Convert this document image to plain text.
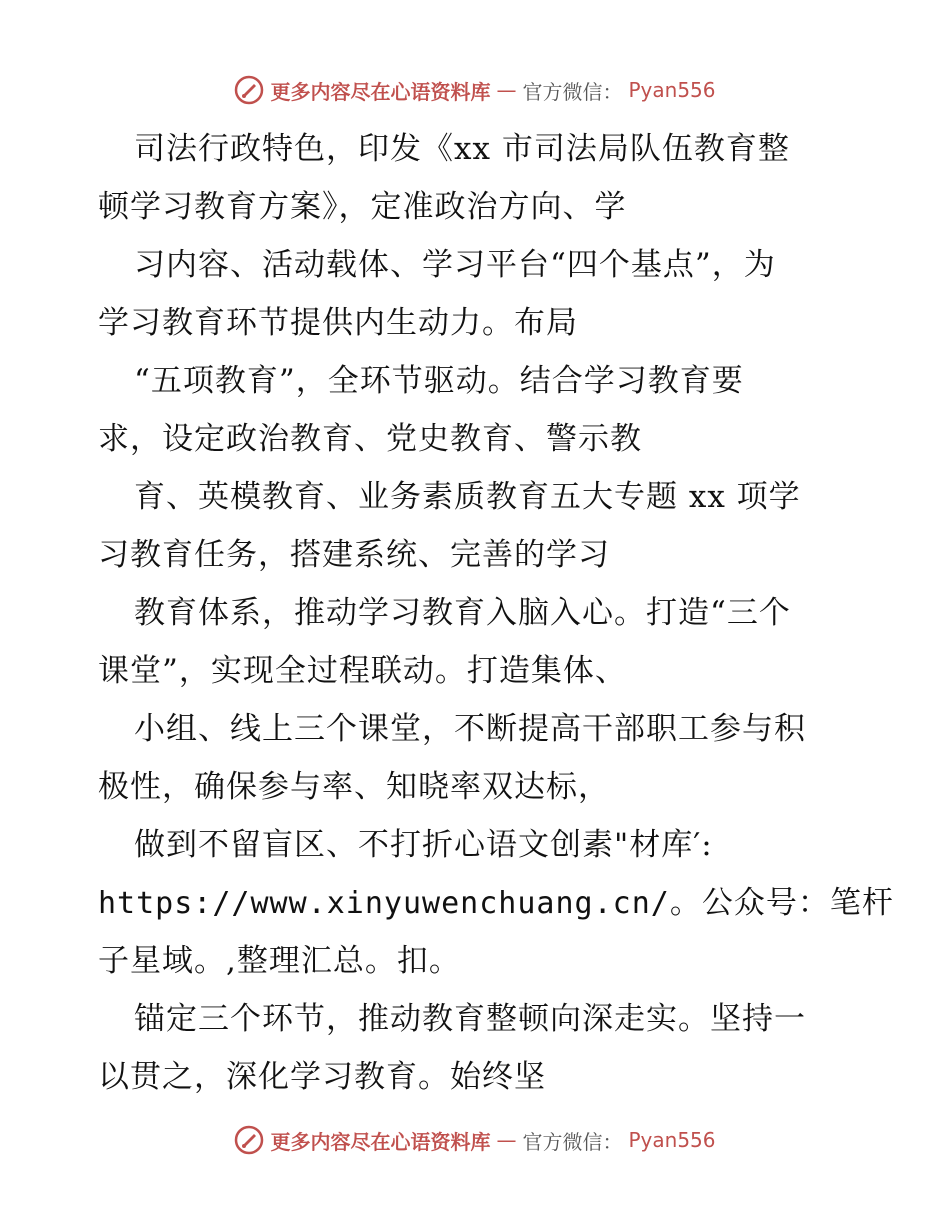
更多内容尽在心语资料库 — 官方微信： Pyan556
司法行政特色，印发《xx 市司法局队伍教育整
顿学习教育方案》，定准政治方向、学
习内容、活动载体、学习平台“四个基点”，为
学习教育环节提供内生动力。布局
“五项教育”，全环节驱动。结合学习教育要
求，设定政治教育、党史教育、警示教
育、英模教育、业务素质教育五大专题 xx 项学
习教育任务，搭建系统、完善的学习
教育体系，推动学习教育入脑入心。打造“三个
课堂”，实现全过程联动。打造集体、
小组、线上三个课堂，不断提高干部职工参与积
极性，确保参与率、知晓率双达标，
做到不留盲区、不打折心语文创素"材库′:
https://www.xinyuwenchuang.cn/。公众号：笔杆
子星域。,整理汇总。扣。
锚定三个环节，推动教育整顿向深走实。坚持一
以贯之，深化学习教育。始终坚
更多内容尽在心语资料库 — 官方微信： Pyan556
